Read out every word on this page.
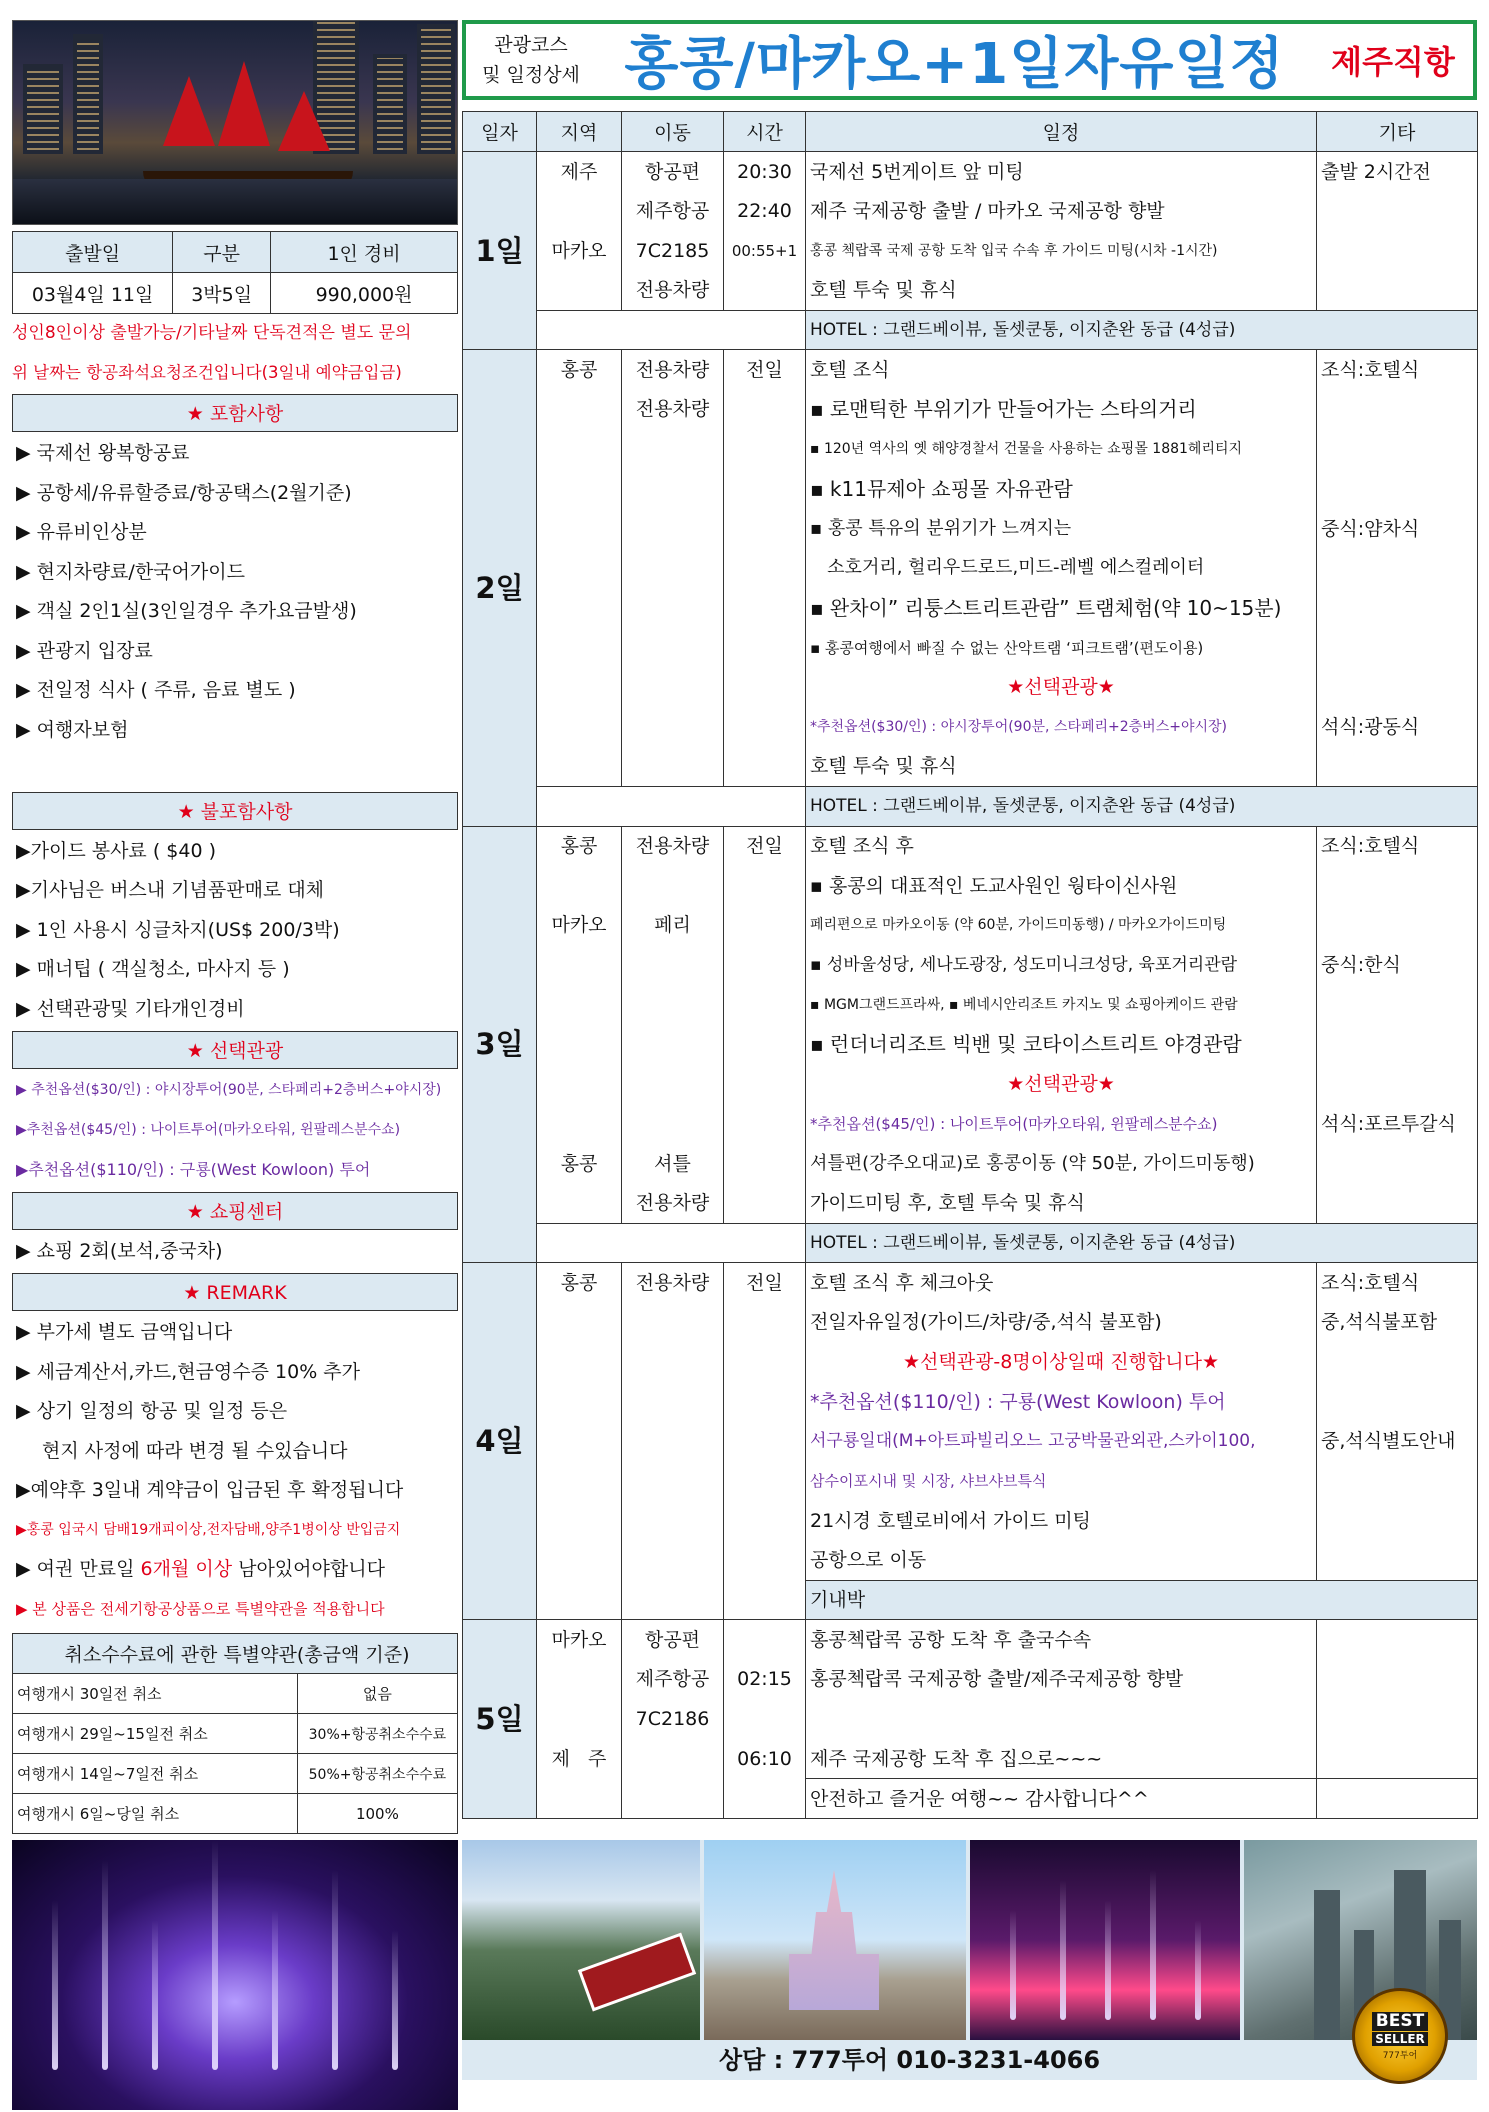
출발일	구분	1인 경비
03월4일 11일	3박5일	990,000원
성인8인이상 출발가능/기타날짜 단독견적은 별도 문의
위 날짜는 항공좌석요청조건입니다(3일내 예약금입금)
★ 포함사항
▶ 국제선 왕복항공료
▶ 공항세/유류할증료/항공택스(2월기준)
▶ 유류비인상분
▶ 현지차량료/한국어가이드
▶ 객실 2인1실(3인일경우 추가요금발생)
▶ 관광지 입장료
▶ 전일정 식사 ( 주류, 음료 별도 )
▶ 여행자보험
★ 불포함사항
▶가이드 봉사료 ( $40 )
▶기사님은 버스내 기념품판매로 대체
▶ 1인 사용시 싱글차지(US$ 200/3박)
▶ 매너팁 ( 객실청소, 마사지 등 )
▶ 선택관광및 기타개인경비
★ 선택관광
▶ 추천옵션($30/인) : 야시장투어(90분, 스타페리+2층버스+야시장)
▶추천옵션($45/인) : 나이트투어(마카오타워, 윈팔레스분수쇼)
▶추천옵션($110/인) : 구룡(West Kowloon) 투어
★ 쇼핑센터
▶ 쇼핑 2회(보석,중국차)
★ REMARK
▶ 부가세 별도 금액입니다
▶ 세금계산서,카드,현금영수증 10% 추가
▶ 상기 일정의 항공 및 일정 등은
현지 사정에 따라 변경 될 수있습니다
▶예약후 3일내 계약금이 입금된 후 확정됩니다
▶홍콩 입국시 담배19개피이상,전자담배,양주1병이상 반입금지
▶ 여권 만료일 6개월 이상 남아있어야합니다
▶ 본 상품은 전세기항공상품으로 특별약관을 적용합니다
취소수수료에 관한 특별약관(총금액 기준)	
여행개시 30일전 취소	없음
여행개시 29일~15일전 취소	30%+항공취소수수료
여행개시 14일~7일전 취소	50%+항공취소수수료
여행개시 6일~당일 취소	100%
관광코스
및 일정상세 홍콩/마카오+1일자유일정	제주직항
일자	지역	이동	시간	일정	기타
1일	제주	항공편	20:30	국제선 5번게이트 앞 미팅	출발 2시간전
		제주항공	22:40	제주 국제공항 출발 / 마카오 국제공항 향발	
	마카오	7C2185	00:55+1	홍콩 첵랍콕 국제 공항 도착 입국 수속 후 가이드 미팅(시차 -1시간)	
		전용차량		호텔 투숙 및 휴식	
				HOTEL : 그랜드베이뷰, 돌셋쿤통, 이지춘완 동급 (4성급)	
2일	홍콩	전용차량	전일	호텔 조식	조식:호텔식
		전용차량		▪ 로맨틱한 부위기가 만들어가는 스타의거리	
				▪ 120년 역사의 옛 해양경찰서 건물을 사용하는 쇼핑몰 1881헤리티지	
				▪ k11뮤제아 쇼핑몰 자유관람	
				▪ 홍콩 특유의 분위기가 느껴지는	중식:얌차식
				소호거리, 헐리우드로드,미드-레벨 에스컬레이터	
				▪ 완차이” 리퉁스트리트관람” 트램체험(약 10~15분)	
				▪ 홍콩여행에서 빠질 수 없는 산악트램 ‘피크트램’(편도이용)	
				★선택관광★	
				*추천옵션($30/인) : 야시장투어(90분, 스타페리+2층버스+야시장)	석식:광동식
				호텔 투숙 및 휴식	
				HOTEL : 그랜드베이뷰, 돌셋쿤통, 이지춘완 동급 (4성급)	
3일	홍콩	전용차량	전일	호텔 조식 후	조식:호텔식
				▪ 홍콩의 대표적인 도교사원인 웡타이신사원	
	마카오	페리		페리편으로 마카오이동 (약 60분, 가이드미동행) / 마카오가이드미팅	
				▪ 성바울성당, 세나도광장, 성도미니크성당, 육포거리관람	중식:한식
				▪ MGM그랜드프라싸, ▪ 베네시안리조트 카지노 및 쇼핑아케이드 관람	
				▪ 런더너리조트 빅밴 및 코타이스트리트 야경관람	
				★선택관광★	
				*추천옵션($45/인) : 나이트투어(마카오타워, 윈팔레스분수쇼)	석식:포르투갈식
	홍콩	셔틀		셔틀편(강주오대교)로 홍콩이동 (약 50분, 가이드미동행)	
		전용차량		가이드미팅 후, 호텔 투숙 및 휴식	
				HOTEL : 그랜드베이뷰, 돌셋쿤통, 이지춘완 동급 (4성급)	
4일	홍콩	전용차량	전일	호텔 조식 후 체크아웃	조식:호텔식
				전일자유일정(가이드/차량/중,석식 불포함)	중,석식불포함
				★선택관광-8명이상일때 진행합니다★	
				*추천옵션($110/인) : 구룡(West Kowloon) 투어	
				서구룡일대(M+아트파빌리오느 고궁박물관외관,스카이100,	중,석식별도안내
				삼수이포시내 및 시장, 샤브샤브특식	
				21시경 호텔로비에서 가이드 미팅	
				공항으로 이동	
				기내박	
5일	마카오	항공편		홍콩첵랍콕 공항 도착 후 출국수속	
		제주항공	02:15	홍콩첵랍콕 국제공항 출발/제주국제공항 향발	
		7C2186			
	제   주		06:10	제주 국제공항 도착 후 집으로~~~	
				안전하고 즐거운 여행~~ 감사합니다^^	
상담 : 777투어 010-3231-4066
BEST
SELLER
777투어
